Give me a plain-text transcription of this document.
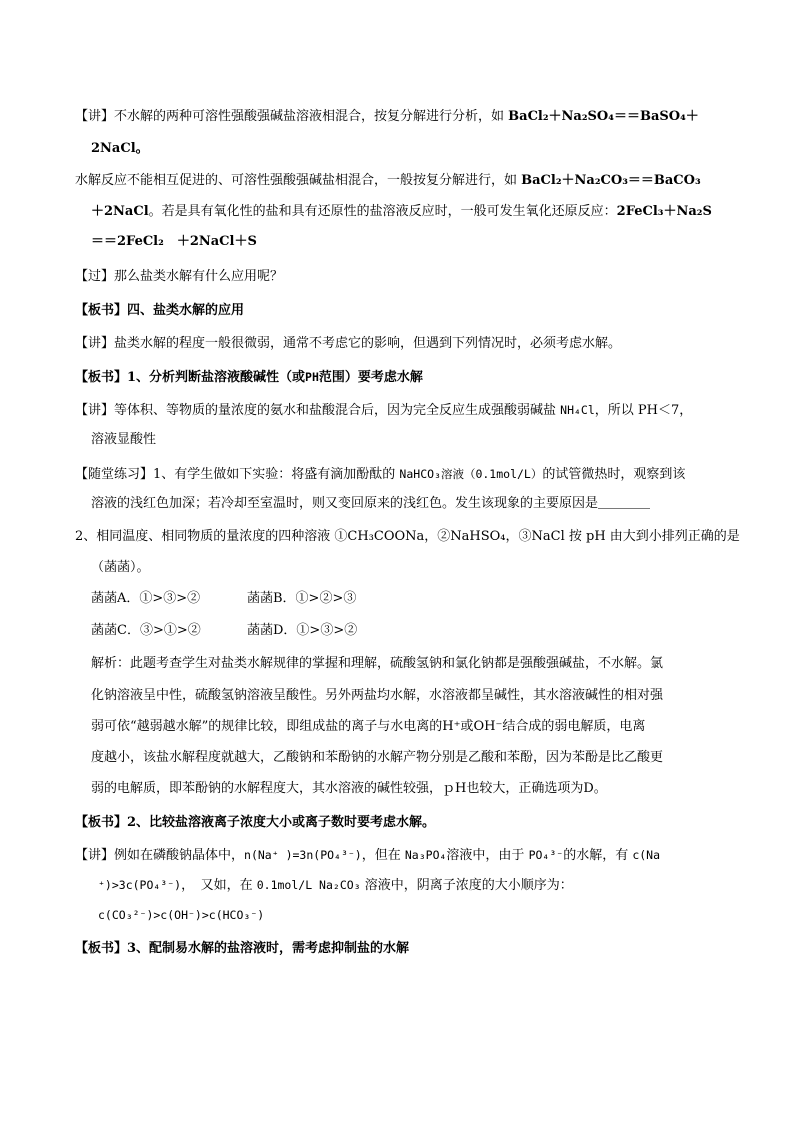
【讲】不水解的两种可溶性强酸强碱盐溶液相混合，按复分解进行分析，如 BaCl₂＋Na₂SO₄＝＝BaSO₄＋
2NaCl。
水解反应不能相互促进的、可溶性强酸强碱盐相混合，一般按复分解进行，如 BaCl₂＋Na₂CO₃＝＝BaCO₃
＋2NaCl。若是具有氧化性的盐和具有还原性的盐溶液反应时，一般可发生氧化还原反应：2FeCl₃＋Na₂S
＝＝2FeCl₂　＋2NaCl＋S
【过】那么盐类水解有什么应用呢？
【板书】四、盐类水解的应用
【讲】盐类水解的程度一般很微弱，通常不考虑它的影响，但遇到下列情况时，必须考虑水解。
【板书】1、分析判断盐溶液酸碱性（或PH范围）要考虑水解
【讲】等体积、等物质的量浓度的氨水和盐酸混合后，因为完全反应生成强酸弱碱盐 NH₄Cl，所以 PH＜7，
溶液显酸性
【随堂练习】1、有学生做如下实验：将盛有滴加酚酞的 NaHCO₃溶液（0.1mol/L）的试管微热时，观察到该
溶液的浅红色加深；若冷却至室温时，则又变回原来的浅红色。发生该现象的主要原因是＿＿＿＿
2、相同温度、相同物质的量浓度的四种溶液 ①CH₃COONa，②NaHSO₄，③NaCl 按 pH 由大到小排列正确的是
（菡菡）。
菡菡A．①>③>②	菡菡B．①>②>③
菡菡C．③>①>②	菡菡D．①>③>②
解析：此题考查学生对盐类水解规律的掌握和理解，硫酸氢钠和氯化钠都是强酸强碱盐，不水解。氯
化钠溶液呈中性，硫酸氢钠溶液呈酸性。另外两盐均水解，水溶液都呈碱性，其水溶液碱性的相对强
弱可依“越弱越水解”的规律比较，即组成盐的离子与水电离的H⁺或OH⁻结合成的弱电解质，电离
度越小，该盐水解程度就越大，乙酸钠和苯酚钠的水解产物分别是乙酸和苯酚，因为苯酚是比乙酸更
弱的电解质，即苯酚钠的水解程度大，其水溶液的碱性较强，ｐH也较大，正确选项为D。
【板书】2、比较盐溶液离子浓度大小或离子数时要考虑水解。
【讲】例如在磷酸钠晶体中，n(Na⁺ )=3n(PO₄³⁻)，但在 Na₃PO₄溶液中，由于 PO₄³⁻的水解，有 c(Na
⁺)>3c(PO₄³⁻)，　又如，在 0.1mol/L Na₂CO₃ 溶液中，阴离子浓度的大小顺序为：
c(CO₃²⁻)>c(OH⁻)>c(HCO₃⁻)
【板书】3、配制易水解的盐溶液时，需考虑抑制盐的水解
